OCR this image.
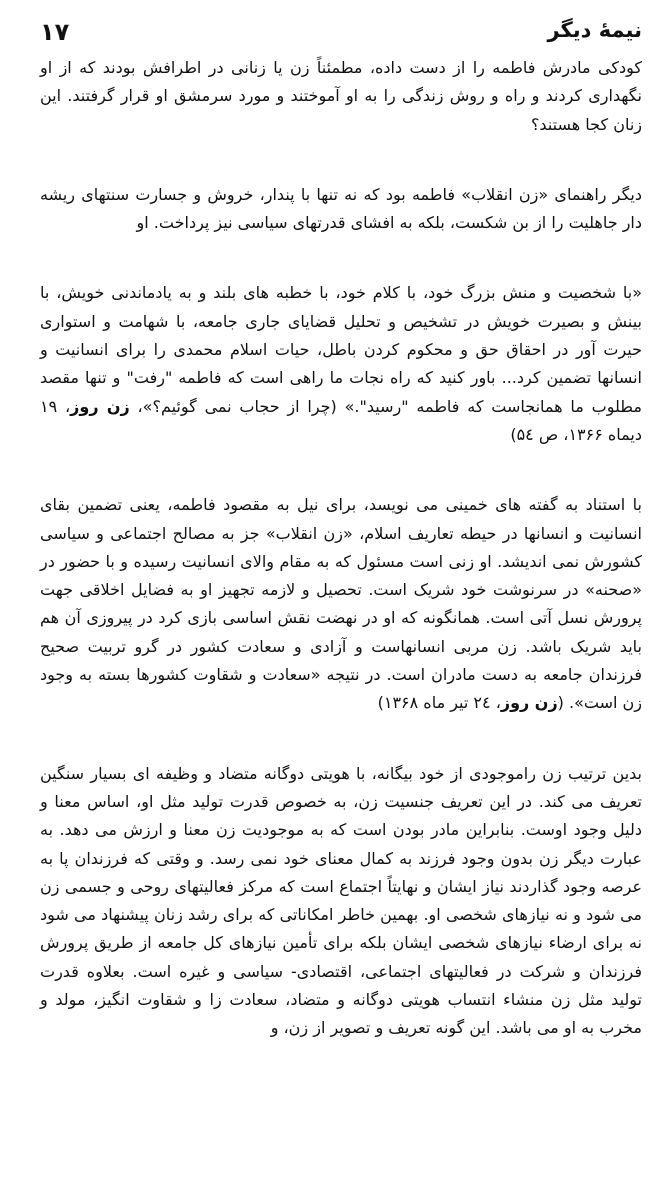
۱۷	نیمهٔ دیگر

کودکی مادرش فاطمه را از دست داده، مطمئناً زن یا زنانی در اطرافش بودند که از او نگهداری کردند و راه و روش زندگی را به او آموختند و مورد سرمشق او قرار گرفتند. این زنان کجا هستند؟

دیگر راهنمای «زن انقلاب» فاطمه بود که نه تنها با پندار، خروش و جسارت سنتهای ریشه دار جاهلیت را از بن شکست، بلکه به افشای قدرتهای سیاسی نیز پرداخت. او

«با شخصیت و منش بزرگ خود، با کلام خود، با خطبه های بلند و به یادماندنی خویش، با بینش و بصیرت خویش در تشخیص و تحلیل قضایای جاری جامعه، با شهامت و استواری حیرت آور در احقاق حق و محکوم کردن باطل، حیات اسلام محمدی را برای انسانیت و انسانها تضمین کرد... باور کنید که راه نجات ما راهی است که فاطمه "رفت" و تنها مقصد مطلوب ما همانجاست که فاطمه "رسید".» (چرا از حجاب نمی گوئیم؟»، زن روز، ۱۹ دیماه ۱۳۶۶، ص ۵٤)

با استناد به گفته های خمینی می نویسد، برای نیل به مقصود فاطمه، یعنی تضمین بقای انسانیت و انسانها در حیطه تعاریف اسلام، «زن انقلاب» جز به مصالح اجتماعی و سیاسی کشورش نمی اندیشد. او زنی است مسئول که به مقام والای انسانیت رسیده و با حضور در «صحنه» در سرنوشت خود شریک است. تحصیل و لازمه تجهیز او به فضایل اخلاقی جهت پرورش نسل آتی است. همانگونه که او در نهضت نقش اساسی بازی کرد در پیروزی آن هم باید شریک باشد. زن مربی انسانهاست و آزادی و سعادت کشور در گرو تربیت صحیح فرزندان جامعه به دست مادران است. در نتیجه «سعادت و شقاوت کشورها بسته به وجود زن است». (زن روز، ۲٤ تیر ماه ۱۳۶۸)

بدین ترتیب زن راموجودی از خود بیگانه، با هویتی دوگانه متضاد و وظیفه ای بسیار سنگین تعریف می کند. در این تعریف جنسیت زن، به خصوص قدرت تولید مثل او، اساس معنا و دلیل وجود اوست. بنابراین مادر بودن است که به موجودیت زن معنا و ارزش می دهد. به عبارت دیگر زن بدون وجود فرزند به کمال معنای خود نمی رسد. و وقتی که فرزندان پا به عرصه وجود گذاردند نیاز ایشان و نهایتاً اجتماع است که مرکز فعالیتهای روحی و جسمی زن می شود و نه نیازهای شخصی او. بهمین خاطر امکاناتی که برای رشد زنان پیشنهاد می شود نه برای ارضاء نیازهای شخصی ایشان بلکه برای تأمین نیازهای کل جامعه از طریق پرورش فرزندان و شرکت در فعالیتهای اجتماعی، اقتصادی- سیاسی و غیره است. بعلاوه قدرت تولید مثل زن منشاء انتساب هویتی دوگانه و متضاد، سعادت زا و شقاوت انگیز، مولد و مخرب به او می باشد. این گونه تعریف و تصویر از زن، و
